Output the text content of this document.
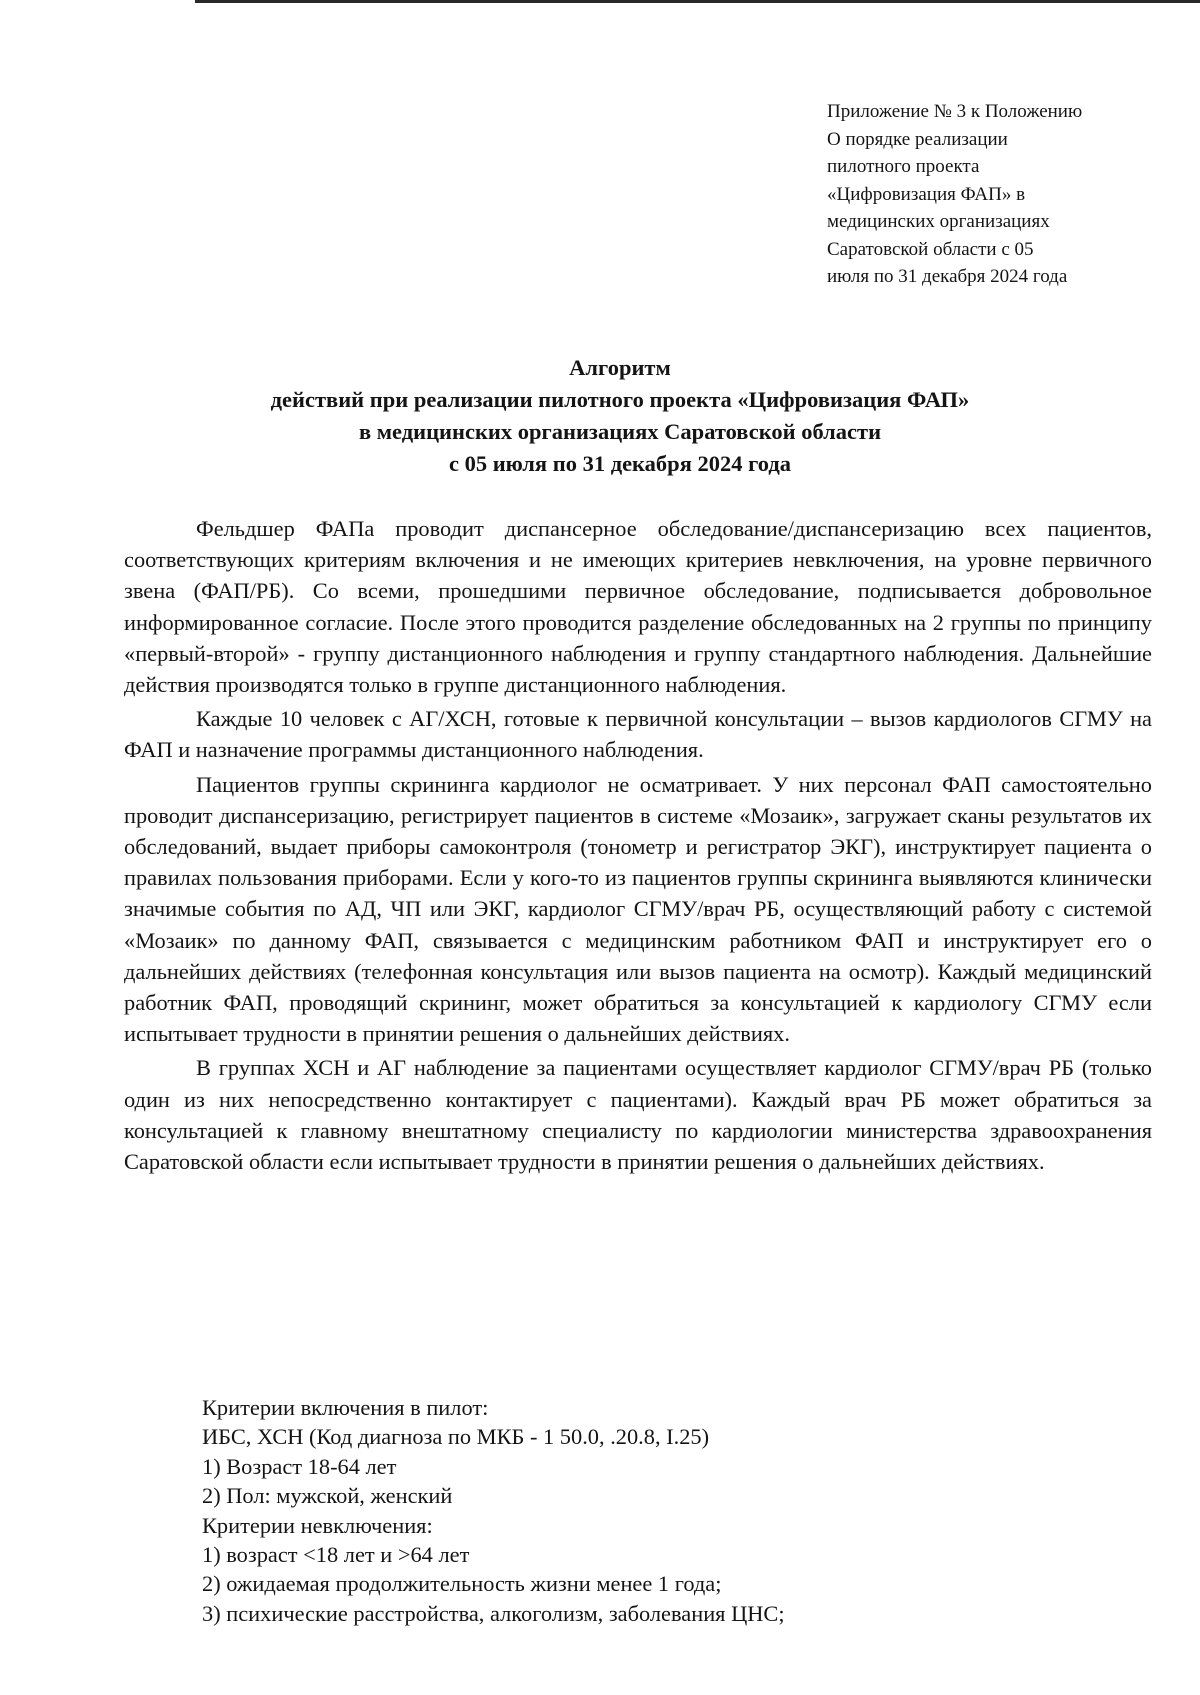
Приложение № 3 к Положению
О порядке реализации
пилотного проекта
«Цифровизация ФАП» в
медицинских организациях
Саратовской области с 05
июля по 31 декабря 2024 года
Алгоритм
действий при реализации пилотного проекта «Цифровизация ФАП»
в медицинских организациях Саратовской области
с 05 июля по 31 декабря 2024 года

Фельдшер ФАПа проводит диспансерное обследование/диспансеризацию всех пациентов, соответствующих критериям включения и не имеющих критериев невключения, на уровне первичного звена (ФАП/РБ). Со всеми, прошедшими первичное обследование, подписывается добровольное информированное согласие. После этого проводится разделение обследованных на 2 группы по принципу «первый-второй» - группу дистанционного наблюдения и группу стандартного наблюдения. Дальнейшие действия производятся только в группе дистанционного наблюдения.

Каждые 10 человек с АГ/ХСН, готовые к первичной консультации – вызов кардиологов СГМУ на ФАП и назначение программы дистанционного наблюдения.

Пациентов группы скрининга кардиолог не осматривает. У них персонал ФАП самостоятельно проводит диспансеризацию, регистрирует пациентов в системе «Мозаик», загружает сканы результатов их обследований, выдает приборы самоконтроля (тонометр и регистратор ЭКГ), инструктирует пациента о правилах пользования приборами. Если у кого-то из пациентов группы скрининга выявляются клинически значимые события по АД, ЧП или ЭКГ, кардиолог СГМУ/врач РБ, осуществляющий работу с системой «Мозаик» по данному ФАП, связывается с медицинским работником ФАП и инструктирует его о дальнейших действиях (телефонная консультация или вызов пациента на осмотр). Каждый медицинский работник ФАП, проводящий скрининг, может обратиться за консультацией к кардиологу СГМУ если испытывает трудности в принятии решения о дальнейших действиях.

В группах ХСН и АГ наблюдение за пациентами осуществляет кардиолог СГМУ/врач РБ (только один из них непосредственно контактирует с пациентами). Каждый врач РБ может обратиться за консультацией к главному внештатному специалисту по кардиологии министерства здравоохранения Саратовской области если испытывает трудности в принятии решения о дальнейших действиях.

Критерии включения в пилот:
ИБС, ХСН (Код диагноза по МКБ - 1 50.0, .20.8, I.25)
1) Возраст 18-64 лет
2) Пол: мужской, женский
Критерии невключения:
1) возраст <18 лет и >64 лет
2) ожидаемая продолжительность жизни менее 1 года;
3) психические расстройства, алкоголизм, заболевания ЦНС;
